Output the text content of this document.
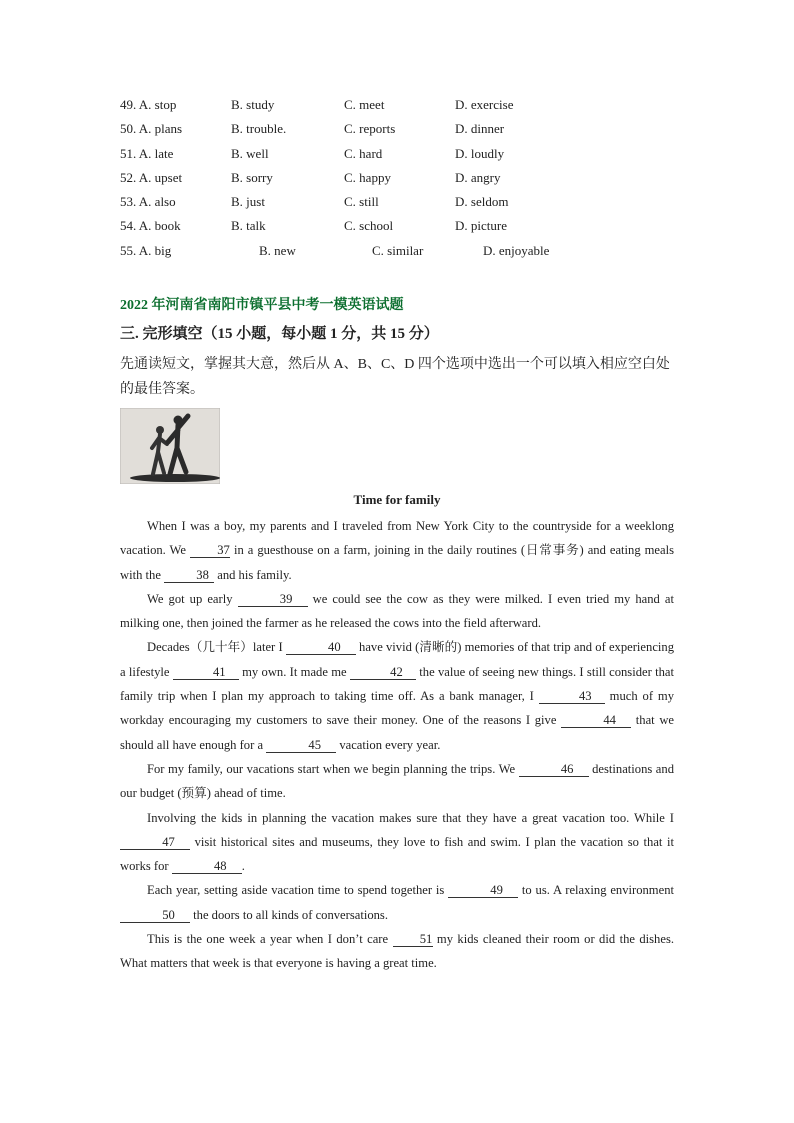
49. A. stop	B. study	C. meet	D. exercise
50. A. plans	B. trouble.	C. reports	D. dinner
51. A. late	B. well	C. hard	D. loudly
52. A. upset	B. sorry	C. happy	D. angry
53. A. also	B. just	C. still	D. seldom
54. A. book	B. talk	C. school	D. picture
55. A. big	B. new	C. similar	D. enjoyable
2022 年河南省南阳市镇平县中考一模英语试题
三. 完形填空（15 小题，每小题 1 分，共 15 分）
先通读短文，掌握其大意，然后从 A、B、C、D 四个选项中选出一个可以填入相应空白处的最佳答案。
Time for family

When I was a boy, my parents and I traveled from New York City to the countryside for a weeklong vacation. We 37 in a guesthouse on a farm, joining in the daily routines (日常事务) and eating meals with the	38 and his family.

We got up early	39 we could see the cow as they were milked. I even tried my hand at milking one, then joined the farmer as he released the cows into the field afterward.

Decades（几十年）later I	40 have vivid (清晰的) memories of that trip and of experiencing a lifestyle	41 my own. It made me	42 the value of seeing new things. I still consider that family trip when I plan my approach to taking time off. As a bank manager, I	43 much of my workday encouraging my customers to save their money. One of the reasons I give	44 that we should all have enough for a	45 vacation every year.

For my family, our vacations start when we begin planning the trips. We	46 destinations and our budget (预算) ahead of time.

Involving the kids in planning the vacation makes sure that they have a great vacation too. While I 47 visit historical sites and museums, they love to fish and swim. I plan the vacation so that it works for	48 .

Each year, setting aside vacation time to spend together is	49 to us. A relaxing environment 50 the doors to all kinds of conversations.

This is the one week a year when I don’t care 51 my kids cleaned their room or did the dishes. What matters that week is that everyone is having a great time.
